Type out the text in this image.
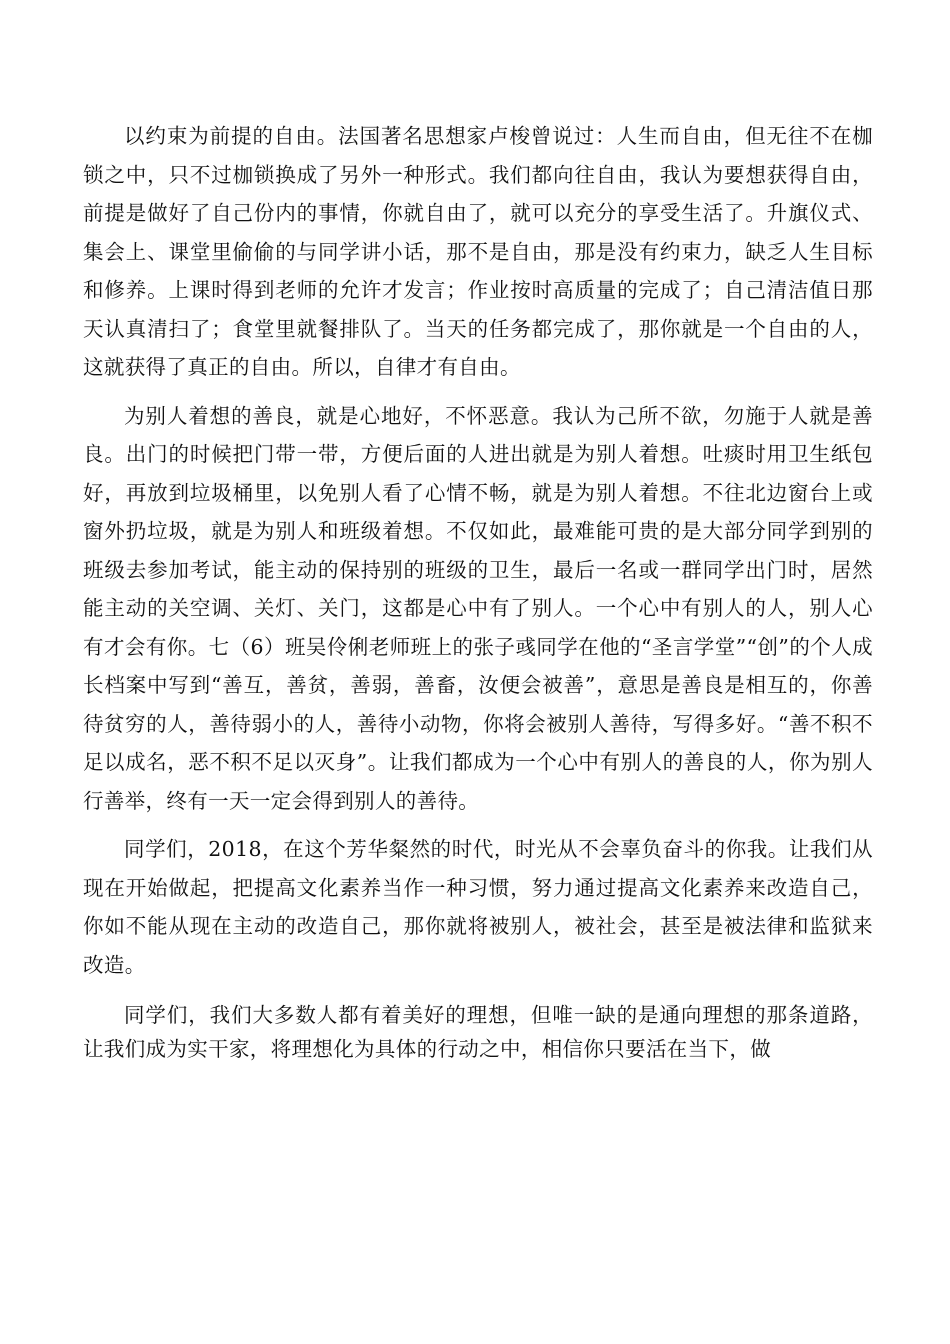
以约束为前提的自由。法国著名思想家卢梭曾说过：人生而自由，但无往不在枷锁之中，只不过枷锁换成了另外一种形式。我们都向往自由，我认为要想获得自由，前提是做好了自己份内的事情，你就自由了，就可以充分的享受生活了。升旗仪式、集会上、课堂里偷偷的与同学讲小话，那不是自由，那是没有约束力，缺乏人生目标和修养。上课时得到老师的允许才发言；作业按时高质量的完成了；自己清洁值日那天认真清扫了；食堂里就餐排队了。当天的任务都完成了，那你就是一个自由的人，这就获得了真正的自由。所以，自律才有自由。

为别人着想的善良，就是心地好，不怀恶意。我认为己所不欲，勿施于人就是善良。出门的时候把门带一带，方便后面的人进出就是为别人着想。吐痰时用卫生纸包好，再放到垃圾桶里，以免别人看了心情不畅，就是为别人着想。不往北边窗台上或窗外扔垃圾，就是为别人和班级着想。不仅如此，最难能可贵的是大部分同学到别的班级去参加考试，能主动的保持别的班级的卫生，最后一名或一群同学出门时，居然能主动的关空调、关灯、关门，这都是心中有了别人。一个心中有别人的人，别人心有才会有你。七（6）班吴伶俐老师班上的张子彧同学在他的“圣言学堂”“创”的个人成长档案中写到“善互，善贫，善弱，善畜，汝便会被善”，意思是善良是相互的，你善待贫穷的人，善待弱小的人，善待小动物，你将会被别人善待，写得多好。“善不积不足以成名，恶不积不足以灭身”。让我们都成为一个心中有别人的善良的人，你为别人行善举，终有一天一定会得到别人的善待。

同学们，2018，在这个芳华粲然的时代，时光从不会辜负奋斗的你我。让我们从现在开始做起，把提高文化素养当作一种习惯，努力通过提高文化素养来改造自己，你如不能从现在主动的改造自己，那你就将被别人，被社会，甚至是被法律和监狱来改造。

同学们，我们大多数人都有着美好的理想，但唯一缺的是通向理想的那条道路，让我们成为实干家，将理想化为具体的行动之中，相信你只要活在当下，做
